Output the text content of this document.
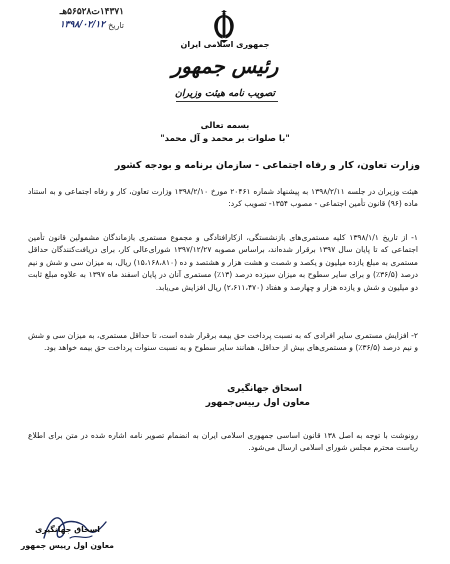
۱۴۳۷۱ت۵۶۵۲۸هـ
تاریخ
۱۳۹۸/۰۲/۱۲
جمهوری اسلامی ایران
رئیس جمهور
تصویب نامه هیئت وزیران
بسمه تعالی
"با صلوات بر محمد و آل محمد"
وزارت تعاون، کار و رفاه اجتماعی - سازمان برنامه و بودجه کشور
هیئت وزیران در جلسه ۱۳۹۸/۲/۱۱ به پیشنهاد شماره ۲۰۴۶۱ مورخ ۱۳۹۸/۲/۱۰ وزارت تعاون، کار و رفاه اجتماعی و به استناد ماده (۹۶) قانون تأمین اجتماعی - مصوب ۱۳۵۴- تصویب کرد:
۱- از تاریخ ۱۳۹۸/۱/۱ کلیه مستمری‌های بازنشستگی، ازکارافتادگی و مجموع مستمری بازماندگان مشمولین قانون تأمین اجتماعی که تا پایان سال ۱۳۹۷ برقرار شده‌اند، براساس مصوبه ۱۳۹۷/۱۲/۲۷ شورای‌عالی کار، برای دریافت‌کنندگان حداقل مستمری به مبلغ یازده میلیون و یکصد و شصت و هشت هزار و هشتصد و ده (۱۵،۱۶۸،۸۱۰) ریال، به میزان سی و شش و نیم درصد (۳۶/۵٪) و برای سایر سطوح به میزان سیزده درصد (۱۳٪) مستمری آنان در پایان اسفند ماه ۱۳۹۷ به علاوه مبلغ ثابت دو میلیون و شش و یازده هزار و چهارصد و هفتاد (۲،۶۱۱،۴۷۰) ریال افزایش می‌یابد.
۲- افزایش مستمری سایر افرادی که به نسبت پرداخت حق بیمه برقرار شده است، تا حداقل مستمری، به میزان سی و شش و نیم درصد (۳۶/۵٪) و مستمری‌های بیش از حداقل، همانند سایر سطوح و به نسبت سنوات پرداخت حق بیمه خواهد بود.
اسحاق جهانگیری
معاون اول رییس‌جمهور
رونوشت با توجه به اصل ۱۳۸ قانون اساسی جمهوری اسلامی ایران به انضمام تصویر نامه اشاره شده در متن برای اطلاع ریاست محترم مجلس شورای اسلامی ارسال می‌شود.
اسحاق جهانگیری
معاون اول رییس جمهور
